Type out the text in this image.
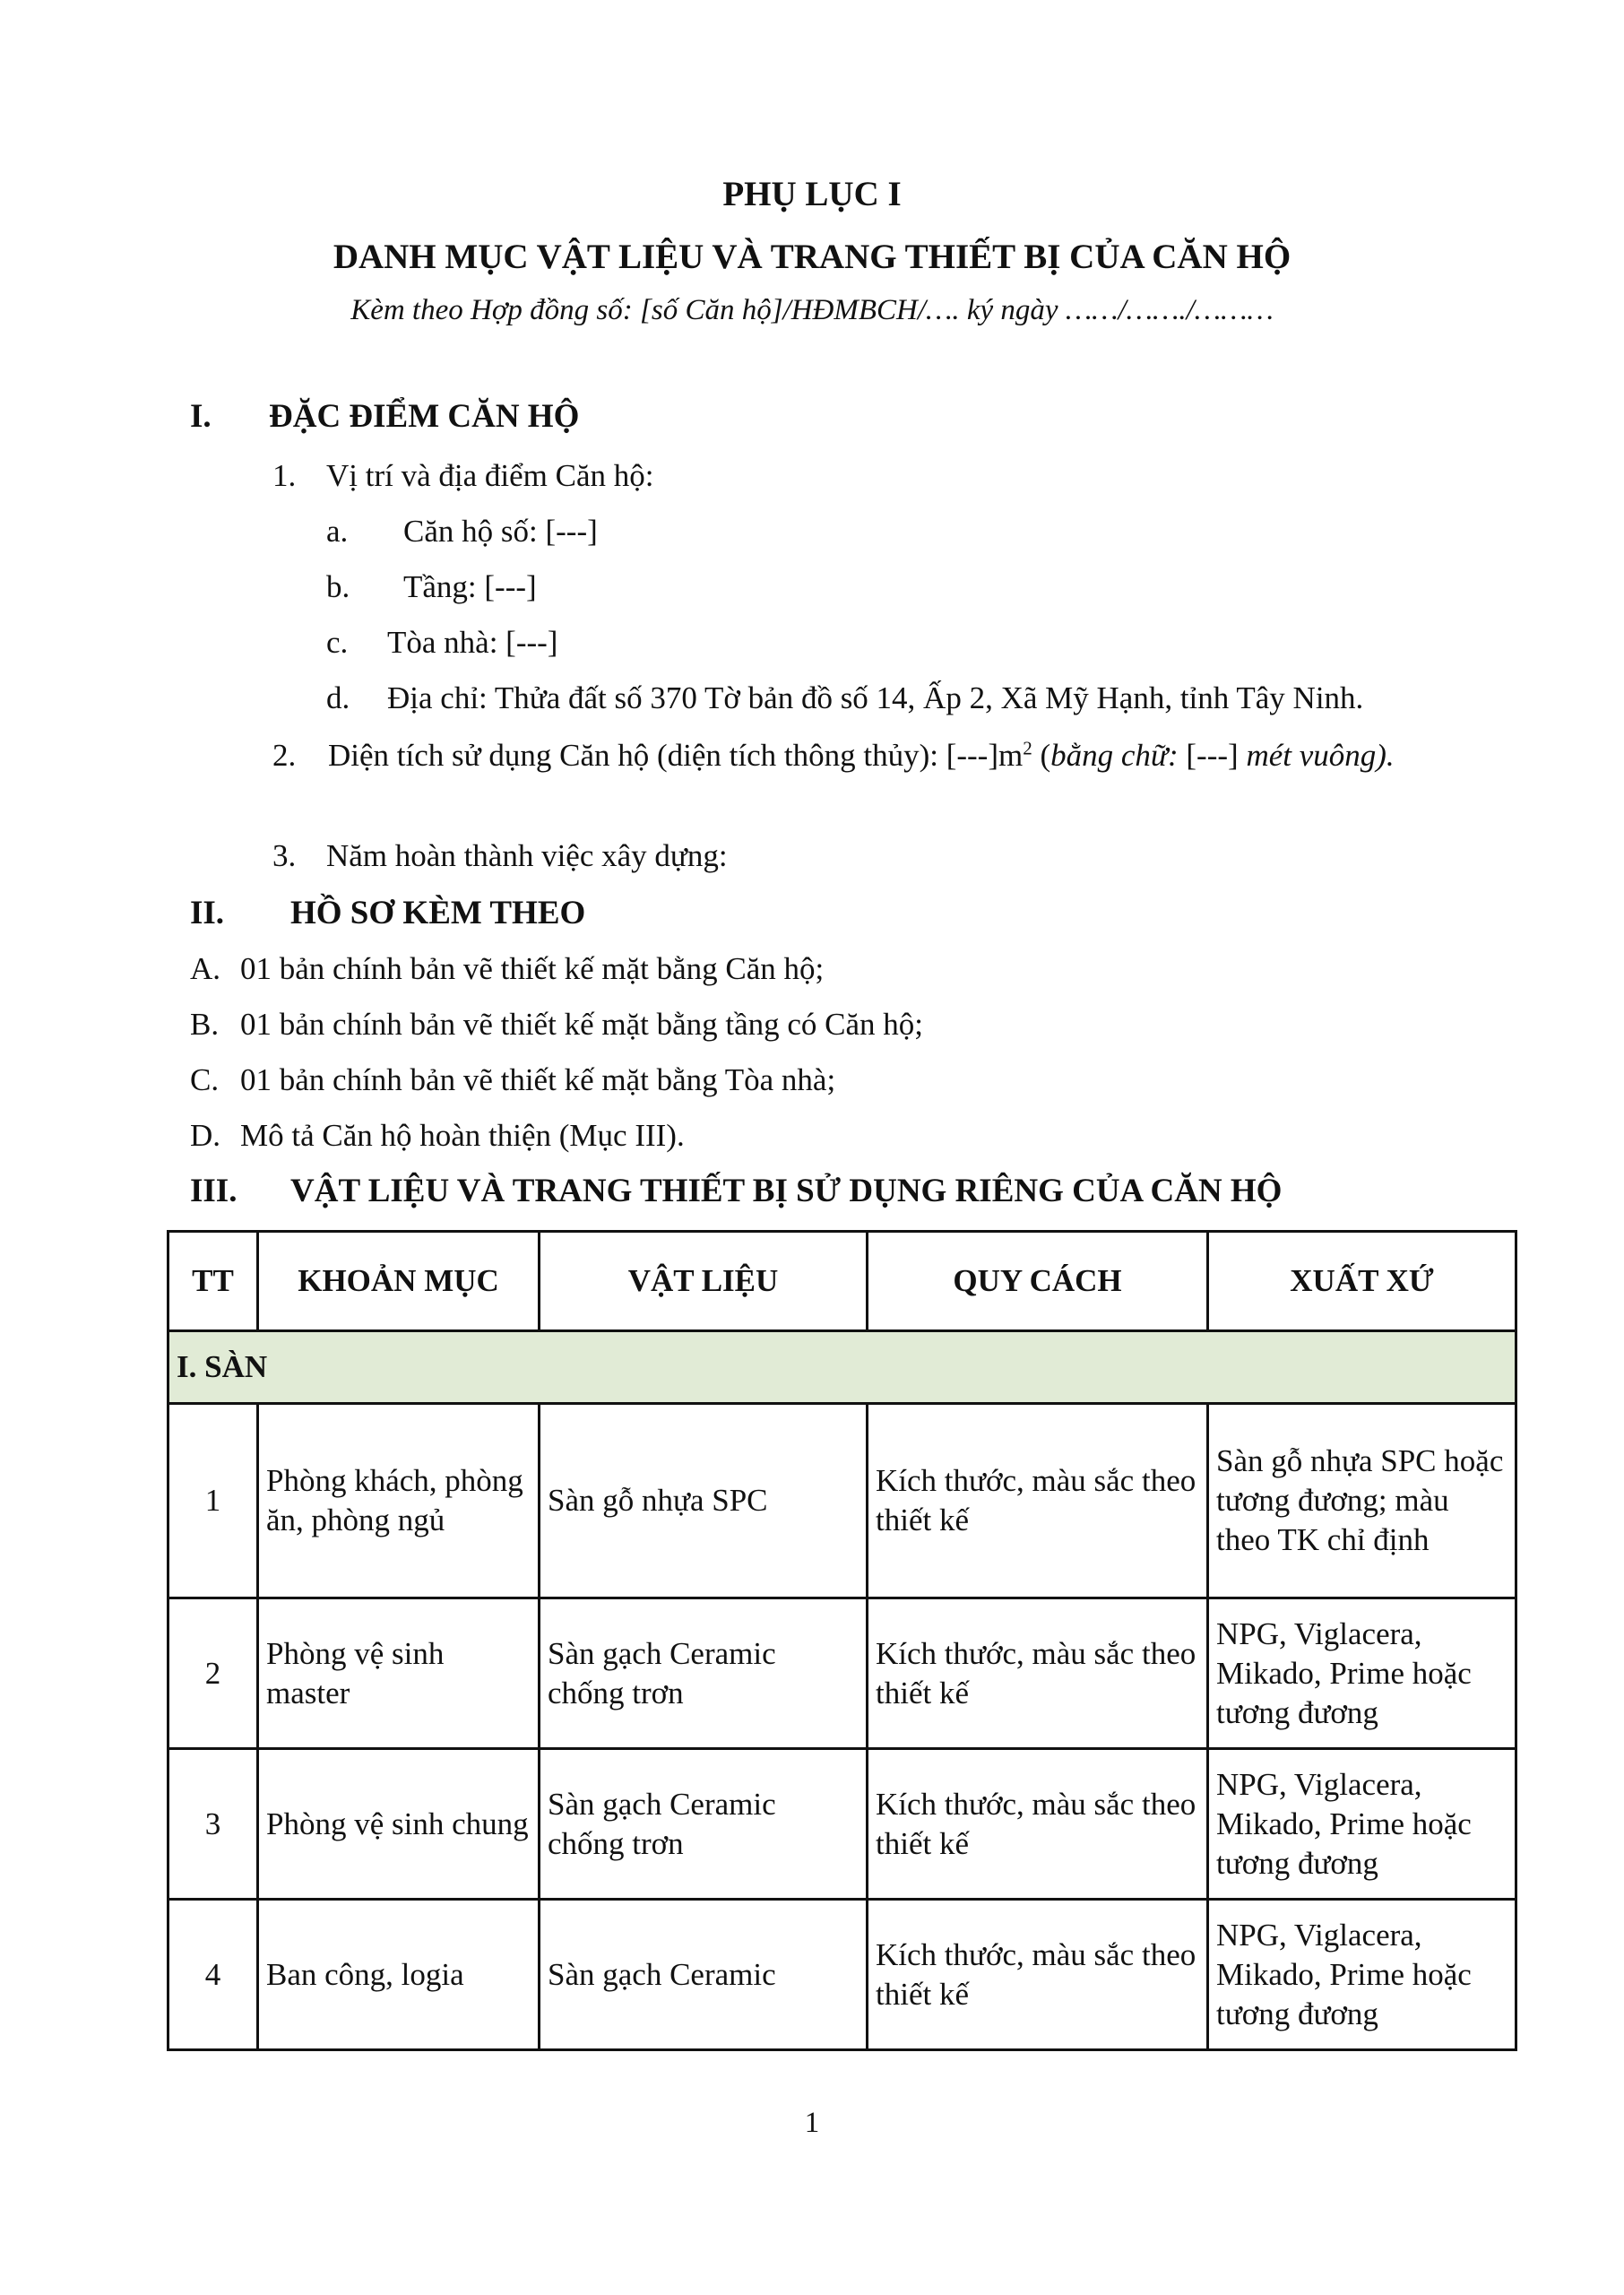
PHỤ LỤC I
DANH MỤC VẬT LIỆU VÀ TRANG THIẾT BỊ CỦA CĂN HỘ
Kèm theo Hợp đồng số: [số Căn hộ]/HĐMBCH/…. ký ngày ……/……./………
I. ĐẶC ĐIỂM CĂN HỘ
1. Vị trí và địa điểm Căn hộ:
a. Căn hộ số: [---]
b. Tầng: [---]
c. Tòa nhà: [---]
d. Địa chỉ: Thửa đất số 370 Tờ bản đồ số 14, Ấp 2, Xã Mỹ Hạnh, tỉnh Tây Ninh.
2. Diện tích sử dụng Căn hộ (diện tích thông thủy): $[---]m^2$ (bằng chữ: [---] mét vuông).
3. Năm hoàn thành việc xây dựng:
II. HỒ SƠ KÈM THEO
A. 01 bản chính bản vẽ thiết kế mặt bằng Căn hộ;
B. 01 bản chính bản vẽ thiết kế mặt bằng tầng có Căn hộ;
C. 01 bản chính bản vẽ thiết kế mặt bằng Tòa nhà;
D. Mô tả Căn hộ hoàn thiện (Mục III).
III. VẬT LIỆU VÀ TRANG THIẾT BỊ SỬ DỤNG RIÊNG CỦA CĂN HỘ
TT	KHOẢN MỤC	VẬT LIỆU	QUY CÁCH	XUẤT XỨ
I. SÀN				
1	Phòng khách, phòng ăn, phòng ngủ	Sàn gỗ nhựa SPC	Kích thước, màu sắc theo thiết kế	Sàn gỗ nhựa SPC hoặc tương đương; màu theo TK chỉ định
2	Phòng vệ sinh master	Sàn gạch Ceramic chống trơn	Kích thước, màu sắc theo thiết kế	NPG, Viglacera, Mikado, Prime hoặc tương đương
3	Phòng vệ sinh chung	Sàn gạch Ceramic chống trơn	Kích thước, màu sắc theo thiết kế	NPG, Viglacera, Mikado, Prime hoặc tương đương
4	Ban công, logia	Sàn gạch Ceramic	Kích thước, màu sắc theo thiết kế	NPG, Viglacera, Mikado, Prime hoặc tương đương
1
